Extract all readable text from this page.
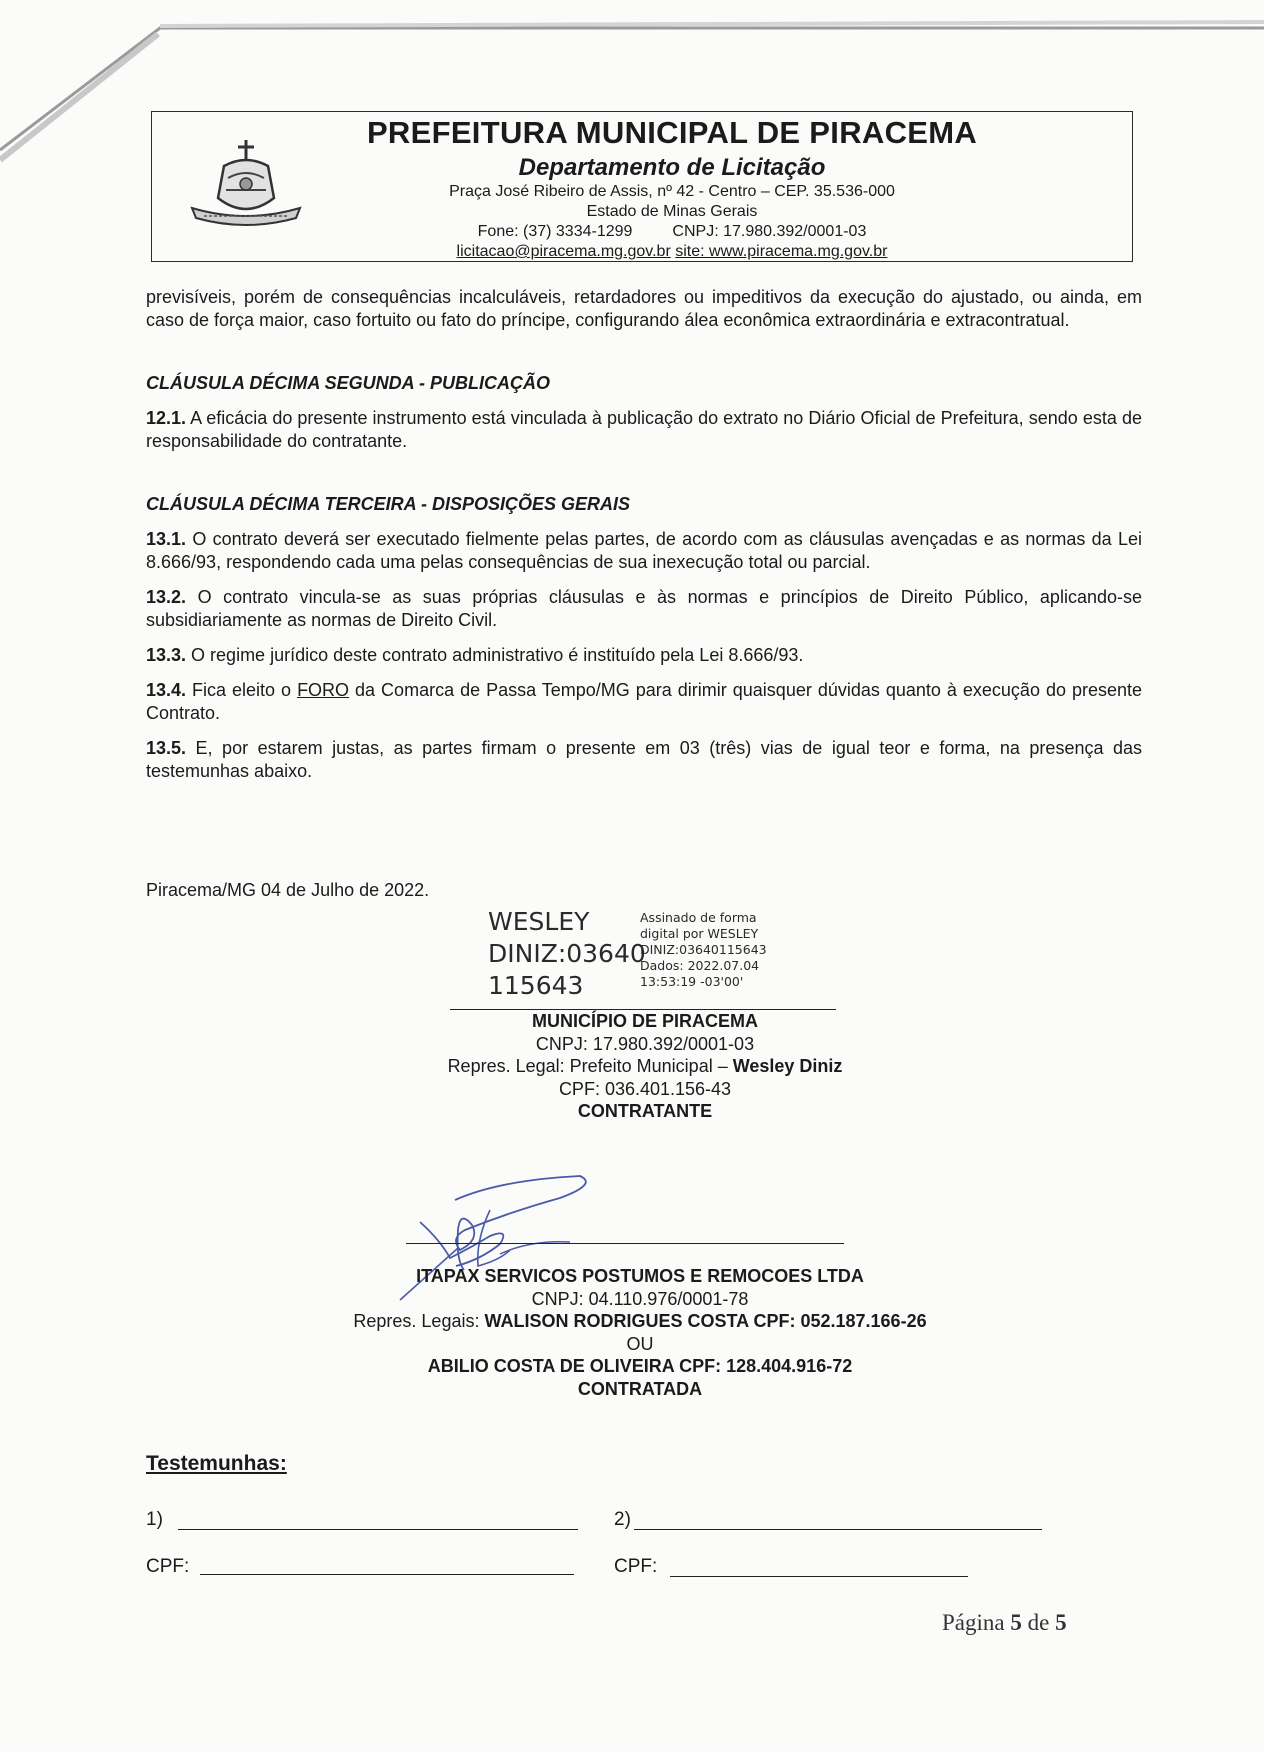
PREFEITURA MUNICIPAL DE PIRACEMA
Departamento de Licitação
Praça José Ribeiro de Assis, nº 42 - Centro – CEP. 35.536-000
Estado de Minas Gerais
Fone: (37) 3334-1299	CNPJ: 17.980.392/0001-03
licitacao@piracema.mg.gov.br site: www.piracema.mg.gov.br

previsíveis, porém de consequências incalculáveis, retardadores ou impeditivos da execução do ajustado, ou ainda, em caso de força maior, caso fortuito ou fato do príncipe, configurando álea econômica extraordinária e extracontratual.

CLÁUSULA DÉCIMA SEGUNDA - PUBLICAÇÃO

12.1. A eficácia do presente instrumento está vinculada à publicação do extrato no Diário Oficial de Prefeitura, sendo esta de responsabilidade do contratante.

CLÁUSULA DÉCIMA TERCEIRA - DISPOSIÇÕES GERAIS

13.1. O contrato deverá ser executado fielmente pelas partes, de acordo com as cláusulas avençadas e as normas da Lei 8.666/93, respondendo cada uma pelas consequências de sua inexecução total ou parcial.

13.2. O contrato vincula-se as suas próprias cláusulas e às normas e princípios de Direito Público, aplicando-se subsidiariamente as normas de Direito Civil.

13.3. O regime jurídico deste contrato administrativo é instituído pela Lei 8.666/93.

13.4. Fica eleito o FORO da Comarca de Passa Tempo/MG para dirimir quaisquer dúvidas quanto à execução do presente Contrato.

13.5. E, por estarem justas, as partes firmam o presente em 03 (três) vias de igual teor e forma, na presença das testemunhas abaixo.

Piracema/MG 04 de Julho de 2022.
WESLEY
DINIZ:03640
115643
Assinado de forma
digital por WESLEY
DINIZ:03640115643
Dados: 2022.07.04
13:53:19 -03'00'
MUNICÍPIO DE PIRACEMA
CNPJ: 17.980.392/0001-03
Repres. Legal: Prefeito Municipal – Wesley Diniz
CPF: 036.401.156-43
CONTRATANTE
ITAPAX SERVICOS POSTUMOS E REMOCOES LTDA
CNPJ: 04.110.976/0001-78
Repres. Legais: WALISON RODRIGUES COSTA CPF: 052.187.166-26
OU
ABILIO COSTA DE OLIVEIRA CPF: 128.404.916-72
CONTRATADA
Testemunhas:
1)	2)
CPF:	CPF:
Página 5 de 5
